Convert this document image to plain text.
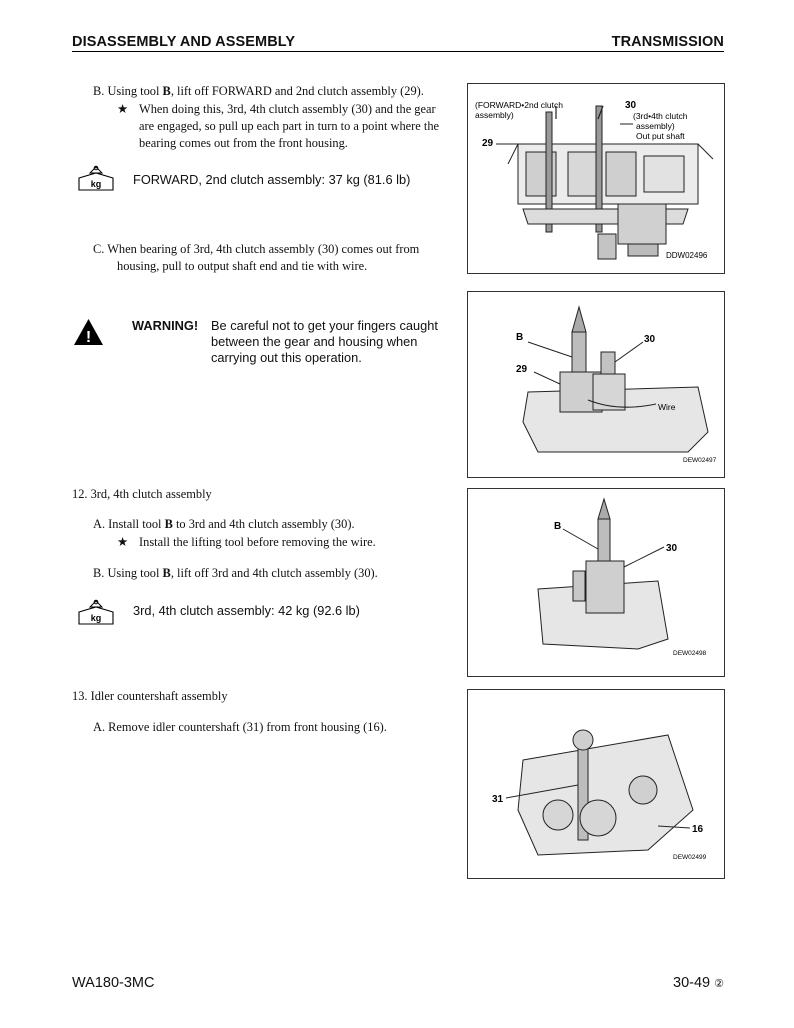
DISASSEMBLY AND ASSEMBLY	TRANSMISSION
B. Using tool B, lift off FORWARD and 2nd clutch assembly (29).
★ When doing this, 3rd, 4th clutch assembly (30) and the gear
are engaged, so pull up each part in turn to a point where the
bearing comes out from the front housing.
kg FORWARD, 2nd clutch assembly: 37 kg (81.6 lb)
C. When bearing of 3rd, 4th clutch assembly (30) comes out from
housing, pull to output shaft end and tie with wire.
!
WARNING! Be careful not to get your fingers caught
between the gear and housing when
carrying out this operation.
12. 3rd, 4th clutch assembly
A. Install tool B to 3rd and 4th clutch assembly (30).
★ Install the lifting tool before removing the wire.
B. Using tool B, lift off 3rd and 4th clutch assembly (30).
kg 3rd, 4th clutch assembly: 42 kg (92.6 lb)
13. Idler countershaft assembly
A. Remove idler countershaft (31) from front housing (16).
(FORWARD•2nd clutch
assembly)
30
(3rd•4th clutch
assembly)
Out put shaft
29
DDW02496
B	30
29
Wire
DEW02497
B
30
DEW02498
31
16
DEW02499
WA180-3MC	30-49 ②
